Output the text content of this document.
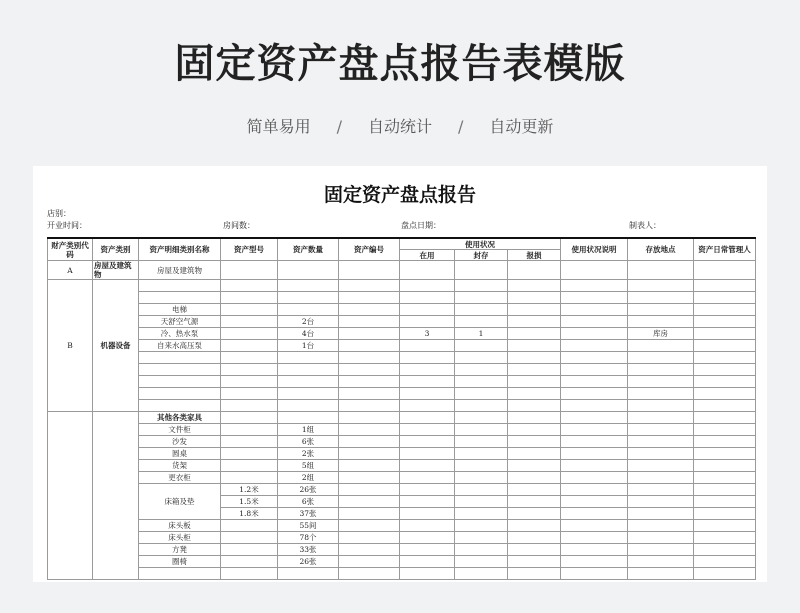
固定资产盘点报告表模版
简单易用 / 自动统计 / 自动更新
固定资产盘点报告
店别：
开业时间：	房间数：	盘点日期：	制表人：
财产类别代码	资产类别	资产明细类别名称	资产型号	资产数量	资产编号	使用状况			使用状况说明	存放地点	资产日常管理人
						在用	封存	报损			
A	房屋及建筑物	房屋及建筑物									
B	机器设备										

		电梯									
		天舒空气源		2台							
		冷、热水泵		4台		3	1			库房	
		自来水高压泵		1台							

		其他各类家具									
		文件柜		1组							
		沙发		6张							
		圆桌		2张							
		货架		5组							
		更衣柜		2组							
		床箱及垫	1.2米	26张							
			1.5米	6张							
			1.8米	37张							
		床头板		55间							
		床头柜		78个							
		方凳		33张							
		圈椅		26张							
